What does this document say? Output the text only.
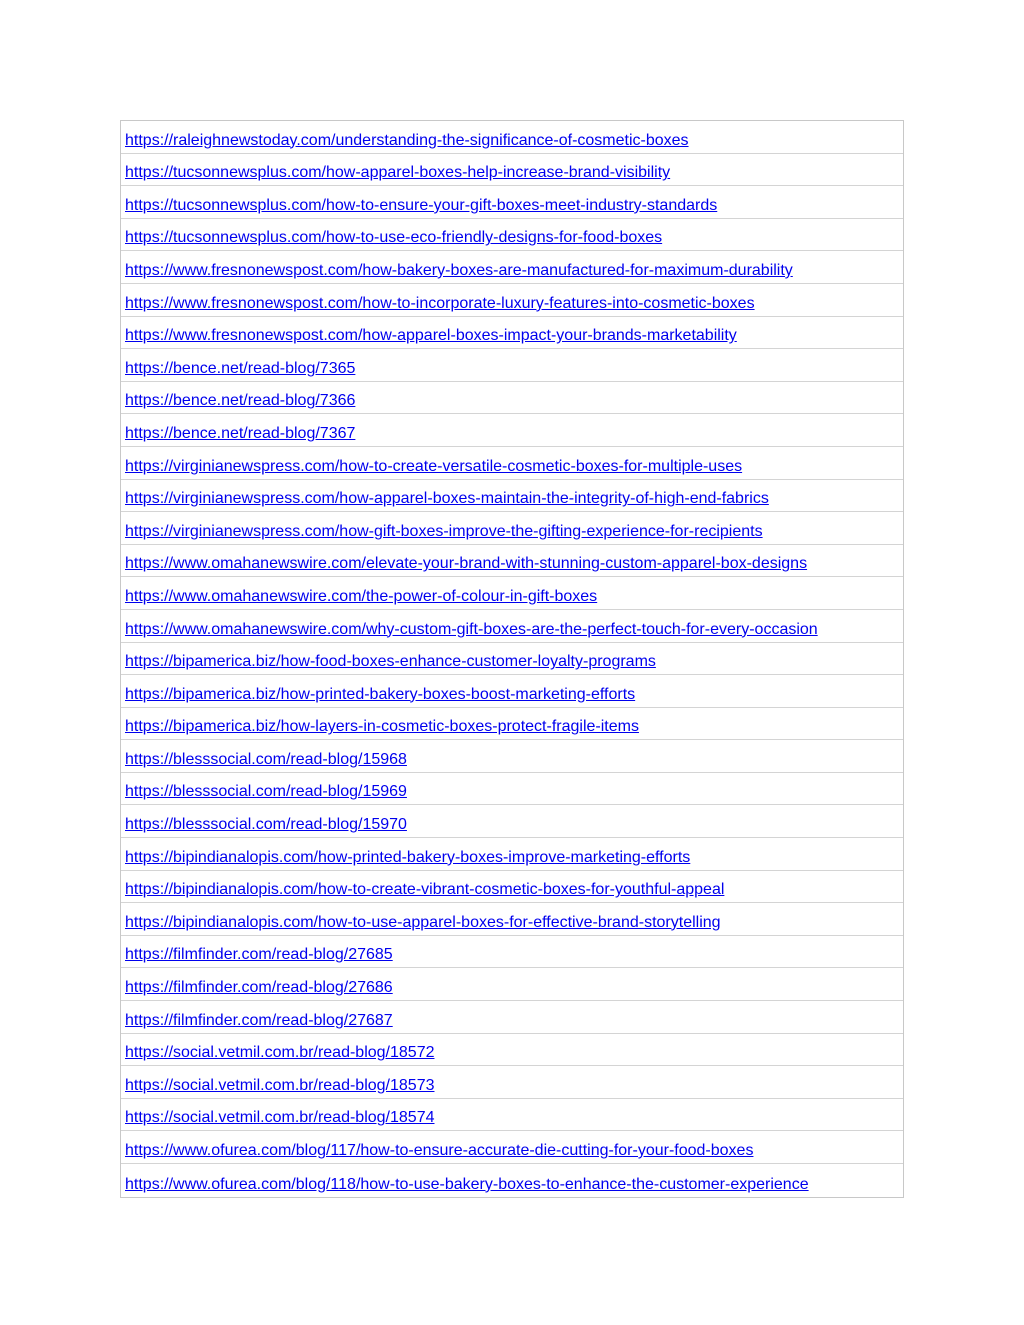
https://raleighnewstoday.com/understanding-the-significance-of-cosmetic-boxes
https://tucsonnewsplus.com/how-apparel-boxes-help-increase-brand-visibility
https://tucsonnewsplus.com/how-to-ensure-your-gift-boxes-meet-industry-standards
https://tucsonnewsplus.com/how-to-use-eco-friendly-designs-for-food-boxes
https://www.fresnonewspost.com/how-bakery-boxes-are-manufactured-for-maximum-durability
https://www.fresnonewspost.com/how-to-incorporate-luxury-features-into-cosmetic-boxes
https://www.fresnonewspost.com/how-apparel-boxes-impact-your-brands-marketability
https://bence.net/read-blog/7365
https://bence.net/read-blog/7366
https://bence.net/read-blog/7367
https://virginianewspress.com/how-to-create-versatile-cosmetic-boxes-for-multiple-uses
https://virginianewspress.com/how-apparel-boxes-maintain-the-integrity-of-high-end-fabrics
https://virginianewspress.com/how-gift-boxes-improve-the-gifting-experience-for-recipients
https://www.omahanewswire.com/elevate-your-brand-with-stunning-custom-apparel-box-designs
https://www.omahanewswire.com/the-power-of-colour-in-gift-boxes
https://www.omahanewswire.com/why-custom-gift-boxes-are-the-perfect-touch-for-every-occasion
https://bipamerica.biz/how-food-boxes-enhance-customer-loyalty-programs
https://bipamerica.biz/how-printed-bakery-boxes-boost-marketing-efforts
https://bipamerica.biz/how-layers-in-cosmetic-boxes-protect-fragile-items
https://blesssocial.com/read-blog/15968
https://blesssocial.com/read-blog/15969
https://blesssocial.com/read-blog/15970
https://bipindianalopis.com/how-printed-bakery-boxes-improve-marketing-efforts
https://bipindianalopis.com/how-to-create-vibrant-cosmetic-boxes-for-youthful-appeal
https://bipindianalopis.com/how-to-use-apparel-boxes-for-effective-brand-storytelling
https://filmfinder.com/read-blog/27685
https://filmfinder.com/read-blog/27686
https://filmfinder.com/read-blog/27687
https://social.vetmil.com.br/read-blog/18572
https://social.vetmil.com.br/read-blog/18573
https://social.vetmil.com.br/read-blog/18574
https://www.ofurea.com/blog/117/how-to-ensure-accurate-die-cutting-for-your-food-boxes
https://www.ofurea.com/blog/118/how-to-use-bakery-boxes-to-enhance-the-customer-experience
